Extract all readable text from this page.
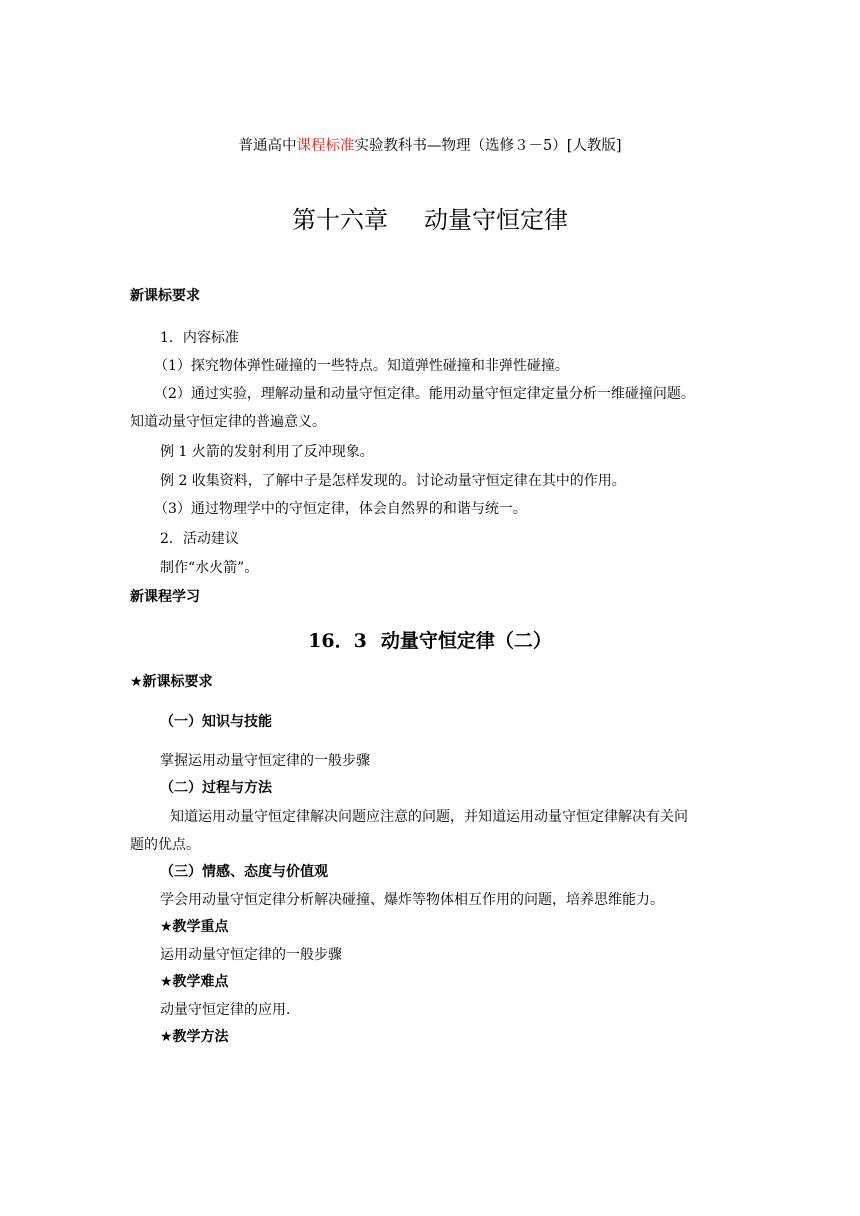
普通高中课程标准实验教科书—物理（选修３－5）[人教版]
第十六章 动量守恒定律
新课标要求
1．内容标准
（1）探究物体弹性碰撞的一些特点。知道弹性碰撞和非弹性碰撞。
（2）通过实验，理解动量和动量守恒定律。能用动量守恒定律定量分析一维碰撞问题。
知道动量守恒定律的普遍意义。
例 1 火箭的发射利用了反冲现象。
例 2 收集资料，了解中子是怎样发现的。讨论动量守恒定律在其中的作用。
（3）通过物理学中的守恒定律，体会自然界的和谐与统一。
2．活动建议
制作“水火箭”。
新课程学习
16．3 动量守恒定律（二）
★新课标要求
（一）知识与技能
掌握运用动量守恒定律的一般步骤
（二）过程与方法
知道运用动量守恒定律解决问题应注意的问题，并知道运用动量守恒定律解决有关问
题的优点。
（三）情感、态度与价值观
学会用动量守恒定律分析解决碰撞、爆炸等物体相互作用的问题，培养思维能力。
★教学重点
运用动量守恒定律的一般步骤
★教学难点
动量守恒定律的应用．
★教学方法
